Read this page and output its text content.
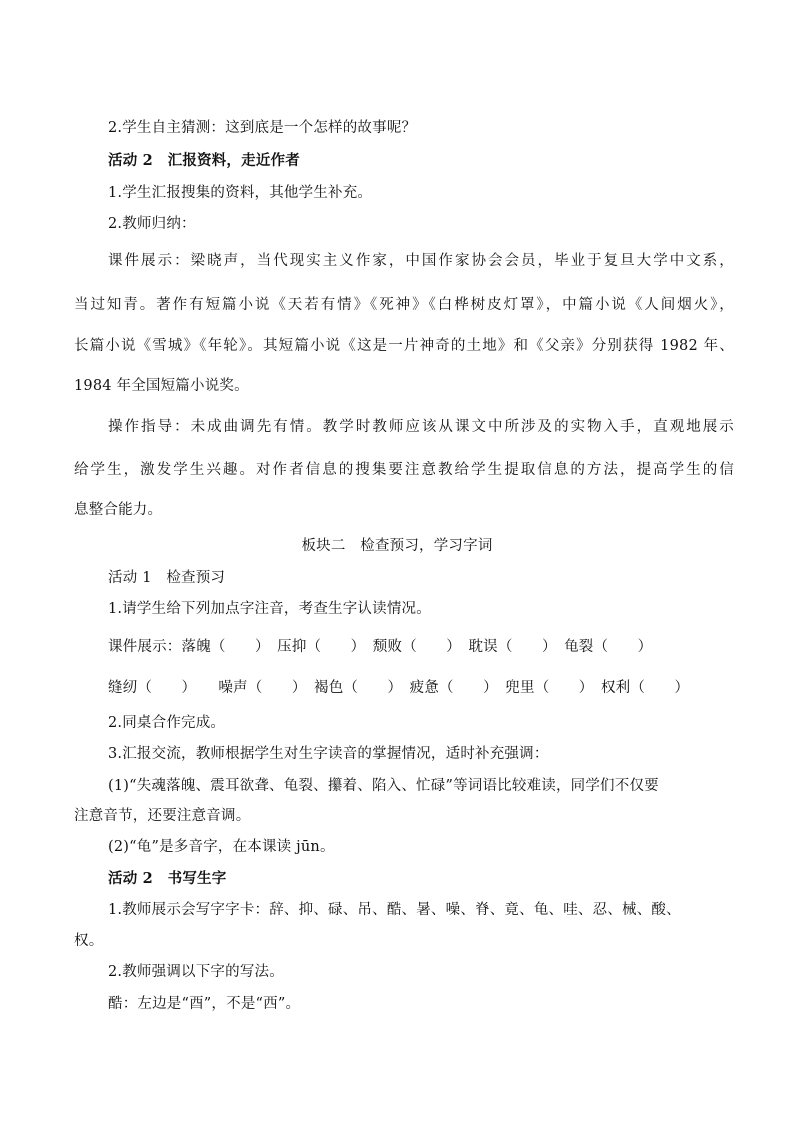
2.学生自主猜测：这到底是一个怎样的故事呢？
活动 2　汇报资料，走近作者
1.学生汇报搜集的资料，其他学生补充。
2.教师归纳：
课件展示：梁晓声，当代现实主义作家，中国作家协会会员，毕业于复旦大学中文系，
当过知青。著作有短篇小说《天若有情》《死神》《白桦树皮灯罩》，中篇小说《人间烟火》，
长篇小说《雪城》《年轮》。其短篇小说《这是一片神奇的土地》和《父亲》分别获得 1982 年、
1984 年全国短篇小说奖。
操作指导：未成曲调先有情。教学时教师应该从课文中所涉及的实物入手，直观地展示
给学生，激发学生兴趣。对作者信息的搜集要注意教给学生提取信息的方法，提高学生的信
息整合能力。
板块二　检查预习，学习字词
活动 1　检查预习
1.请学生给下列加点字注音，考查生字认读情况。
课件展示：落魄（　　）　压抑（　　）　颓败（　　）　耽误（　　）　龟裂（　　）
缝纫（　　）　　噪声（　　）　褐色（　　）　疲惫（　　）　兜里（　　）　权利（　　）
2.同桌合作完成。
3.汇报交流，教师根据学生对生字读音的掌握情况，适时补充强调：
(1)“失魂落魄、震耳欲聋、龟裂、攥着、陷入、忙碌”等词语比较难读，同学们不仅要
注意音节，还要注意音调。
(2)“龟”是多音字，在本课读 jūn。
活动 2　书写生字
1.教师展示会写字字卡：辞、抑、碌、吊、酷、暑、噪、脊、竟、龟、哇、忍、械、酸、
权。
2.教师强调以下字的写法。
酷：左边是“酉”，不是“西”。
